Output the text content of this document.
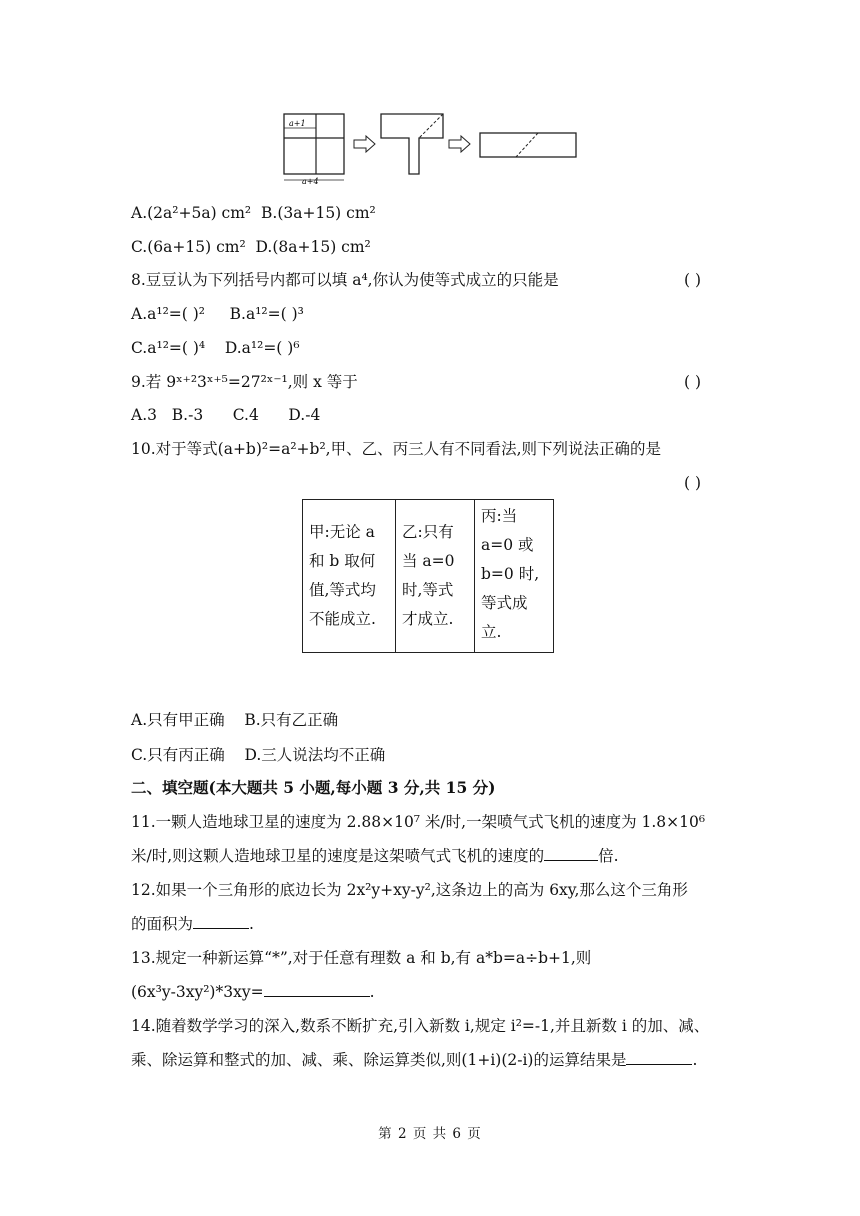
a+1
a+4
A.(2a²+5a) cm² B.(3a+15) cm²
C.(6a+15) cm² D.(8a+15) cm²
8.豆豆认为下列括号内都可以填 a⁴,你认为使等式成立的只能是	( )
A.a¹²=( )² B.a¹²=( )³
C.a¹²=( )⁴ D.a¹²=( )⁶
9.若 9ˣ⁺²3ˣ⁺⁵=27²ˣ⁻¹,则 x 等于	( )
A.3   B.-3      C.4      D.-4
10.对于等式(a+b)²=a²+b²,甲、乙、丙三人有不同看法,则下列说法正确的是
( )
甲:无论 a
和 b 取何
值,等式均
不能成立.

乙:只有
当 a=0
时,等式
才成立.

丙:当
a=0 或
b=0 时,
等式成
立.
A.只有甲正确 B.只有乙正确
C.只有丙正确 D.三人说法均不正确
二、填空题(本大题共 5 小题,每小题 3 分,共 15 分)
11.一颗人造地球卫星的速度为 2.88×10⁷ 米/时,一架喷气式飞机的速度为 1.8×10⁶
米/时,则这颗人造地球卫星的速度是这架喷气式飞机的速度的	倍.
12.如果一个三角形的底边长为 2x²y+xy-y²,这条边上的高为 6xy,那么这个三角形
的面积为	.
13.规定一种新运算“*”,对于任意有理数 a 和 b,有 a*b=a÷b+1,则
(6x³y-3xy²)*3xy=	.
14.随着数学学习的深入,数系不断扩充,引入新数 i,规定 i²=-1,并且新数 i 的加、减、
乘、除运算和整式的加、减、乘、除运算类似,则(1+i)(2-i)的运算结果是	.
第 2 页 共 6 页
